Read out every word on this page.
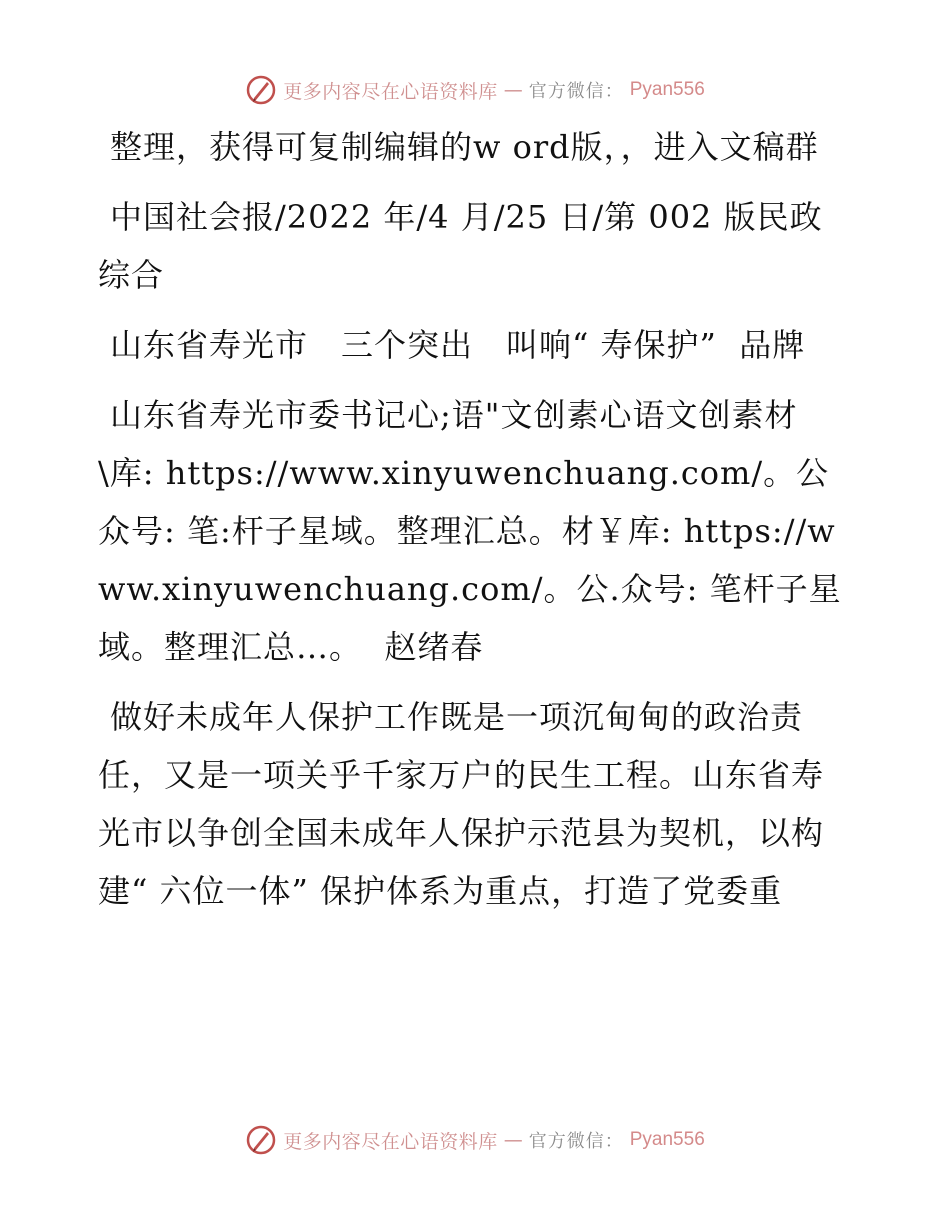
更多内容尽在心语资料库 — 官方微信： Pyan556

整理，获得可复制编辑的w ord版，，进入文稿群

中国社会报/2022 年/4 月/25 日/第 002 版民政综合

山东省寿光市　三个突出　叫响“ 寿保护”  品牌

山东省寿光市委书记心;语"文创素心语文创素材\库: https://www.xinyuwenchuang.com/。公众号: 笔:杆子星域。整理汇总。材￥库: https://www.xinyuwenchuang.com/。公.众号: 笔杆子星域。整理汇总…。  赵绪春

做好未成年人保护工作既是一项沉甸甸的政治责任，又是一项关乎千家万户的民生工程。山东省寿光市以争创全国未成年人保护示范县为契机，以构建“ 六位一体” 保护体系为重点，打造了党委重

更多内容尽在心语资料库 — 官方微信： Pyan556
